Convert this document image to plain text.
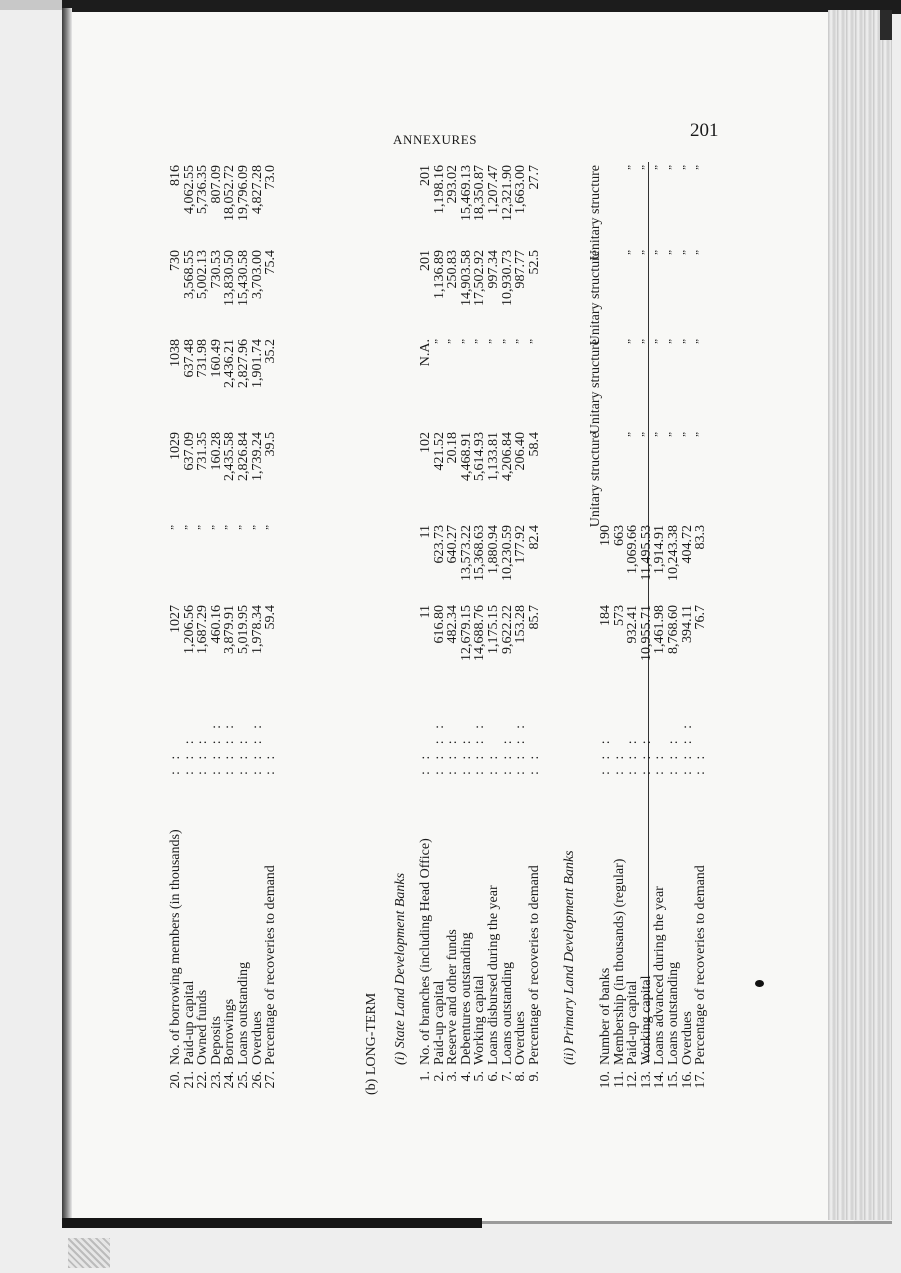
201
ANNEXURES
20.
No. of borrowing members (in thousands)
: :
1027
”
1029
1038
730
816
21.
Paid-up capital
: : :
1,206.56
”
637.09
637.48
3,568.55
4,062.55
22.
Owned funds
: : :
1,687.29
”
731.35
731.98
5,002.13
5,736.35
23.
Deposits
: : : :
460.16
”
160.28
160.49
730.53
807.09
24.
Borrowings
: : : :
3,879.91
”
2,435.58
2,436.21
13,830.50
18,052.72
25.
Loans outstanding
: : :
5,019.95
”
2,826.84
2,827.96
15,430.58
19,796.09
26.
Overdues
: : : :
1,978.34
”
1,739.24
1,901.74
3,703.00
4,827.28
27.
Percentage of recoveries to demand
: :
59.4
”
39.5
35.2
75.4
73.0
(b) LONG-TERM (i) State Land Development Banks
1.
No. of branches (including Head Office)
: :
11
11
102
N.A.
201
201
2.
Paid-up capital
: : : :
616.80
623.73
421.52
”
1,136.89
1,198.16
3.
Reserve and other funds
: : :
482.34
640.27
20.18
”
250.83
293.02
4.
Debentures outstanding
: : :
12,679.15
13,573.22
4,468.91
”
14,903.58
15,469.13
5.
Working capital
: : : :
14,688.76
15,368.63
5,614.93
”
17,502.92
18,350.87
6.
Loans disbursed during the year
: :
1,175.15
1,880.94
1,133.81
”
997.34
1,207.47
7.
Loans outstanding
: : :
9,622.22
10,230.59
4,206.84
”
10,930.73
12,321.90
8.
Overdues
: : : :
153.28
177.92
206.40
”
987.77
1,663.00
9.
Percentage of recoveries to demand
: :
85.7
82.4
58.4
”
52.5
27.7
(ii) Primary Land Development Banks
10.
Number of banks
: : :
184
190
11.
Membership (in thousands) (regular)
: :
573
663
12.
Paid-up capital
: : :
932.41
1,069.66
”
”
”
”
13.
Working capital
: : :
10,955.71
11,495.53
”
”
”
”
14.
Loans advanced during the year
: :
1,461.98
1,914.91
”
”
”
”
15.
Loans outstanding
: : :
8,768.60
10,243.38
”
”
”
”
16.
Overdues
: : : :
394.11
404.72
”
”
”
”
17.
Percentage of recoveries to demand
: :
76.7
83.3
”
”
”
”
Unitary structure
Unitary structure
Unitary structure
Unitary structure
